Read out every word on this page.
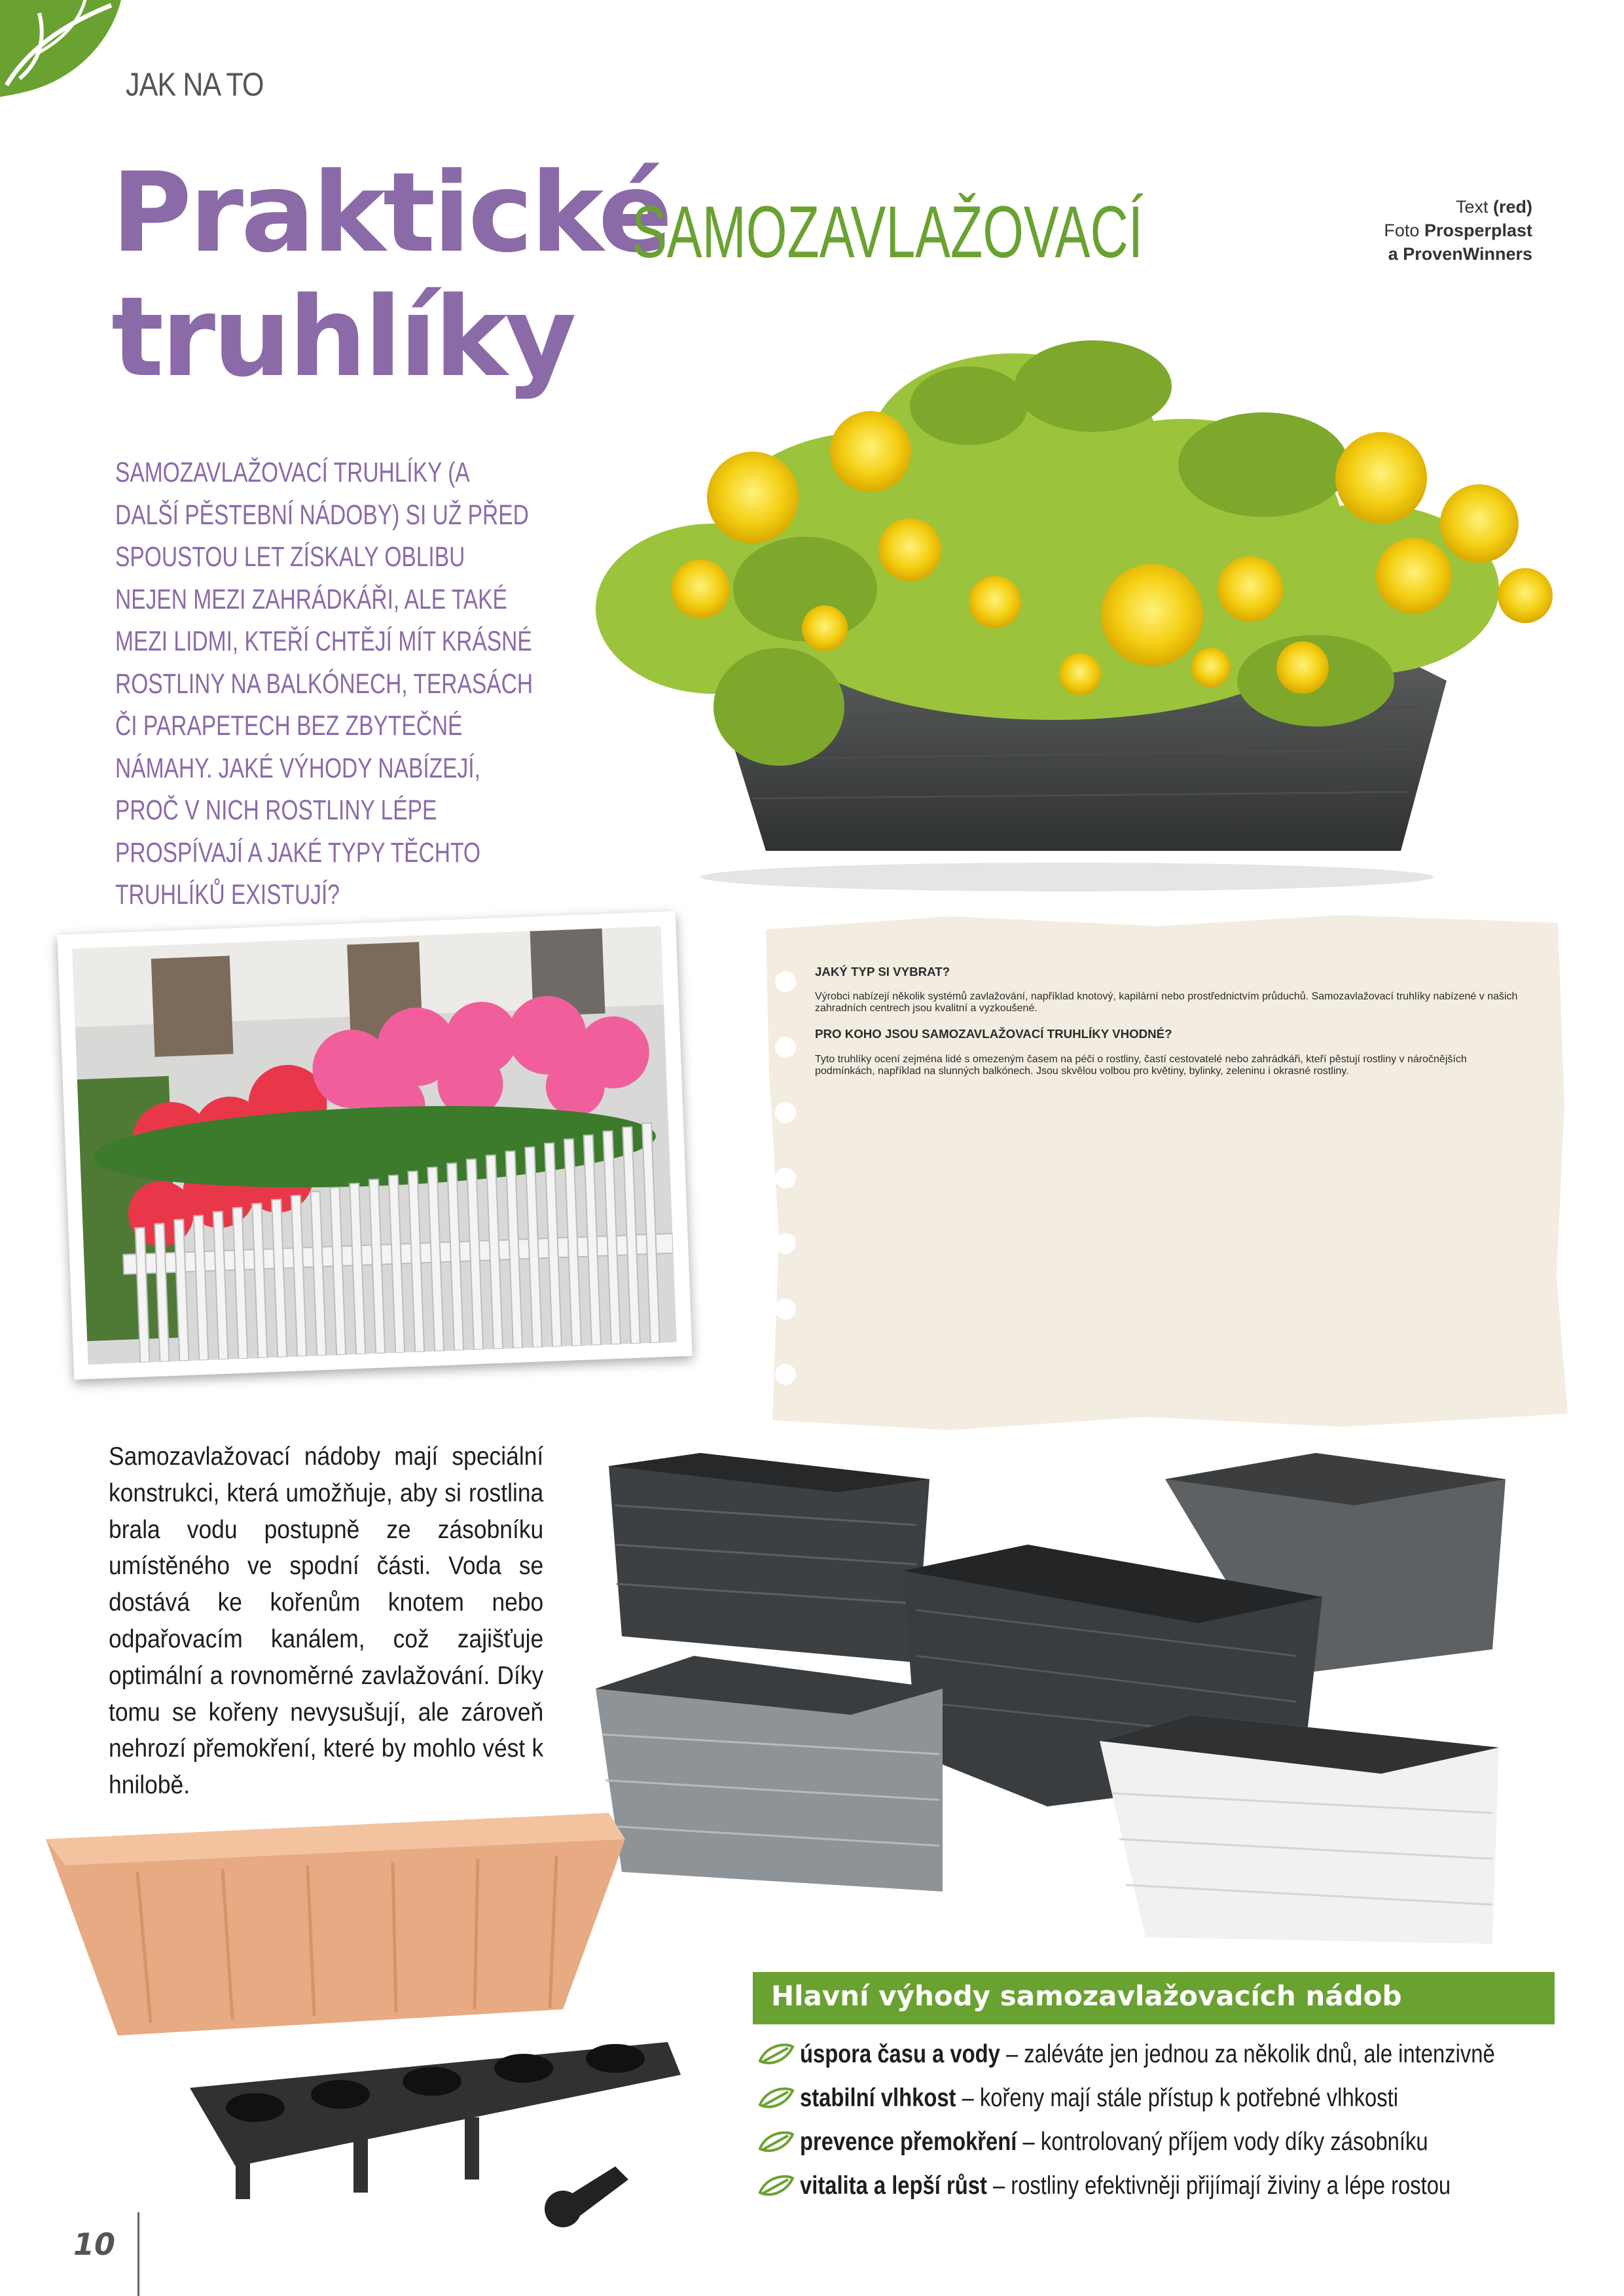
JAK NA TO
Praktické
truhlíky
SAMOZAVLAŽOVACÍ	Text (red)
Foto Prosperplast
a ProvenWinners
SAMOZAVLAŽOVACÍ TRUHLÍKY (A DALŠÍ PĚSTEBNÍ NÁDOBY) SI UŽ PŘED SPOUSTOU LET ZÍSKALY OBLIBU NEJEN MEZI ZAHRÁDKÁŘI, ALE TAKÉ MEZI LIDMI, KTEŘÍ CHTĚJÍ MÍT KRÁSNÉ ROSTLINY NA BALKÓNECH, TERASÁCH ČI PARAPETECH BEZ ZBYTEČNÉ NÁMAHY. JAKÉ VÝHODY NABÍZEJÍ, PROČ V NICH ROSTLINY LÉPE PROSPÍVAJÍ A JAKÉ TYPY TĚCHTO TRUHLÍKŮ EXISTUJÍ?
JAKÝ TYP SI VYBRAT?

Výrobci nabízejí několik systémů zavlažování, například knotový, kapilární nebo prostřednictvím průduchů. Samozavlažovací truhlíky nabízené v našich zahradních centrech jsou kvalitní a vyzkoušené.

PRO KOHO JSOU SAMOZAVLAŽOVACÍ TRUHLÍKY VHODNÉ?

Tyto truhlíky ocení zejména lidé s omezeným časem na péči o rostliny, častí cestovatelé nebo zahrádkáři, kteří pěstují rostliny v náročnějších podmínkách, například na slunných balkónech. Jsou skvělou volbou pro květiny, bylinky, zeleninu i okrasné rostliny.

Samozavlažovací nádoby mají speciální konstrukci, která umožňuje, aby si rostlina brala vodu postupně ze zásobníku umístěného ve spodní části. Voda se dostává ke kořenům knotem nebo odpařovacím kanálem, což zajišťuje optimální a rovnoměrné zavlažování. Díky tomu se kořeny nevysušují, ale zároveň nehrozí přemokření, které by mohlo vést k hnilobě.
Hlavní výhody samozavlažovacích nádob
úspora času a vody – zaléváte jen jednou za několik dnů, ale intenzivně
stabilní vlhkost – kořeny mají stále přístup k potřebné vlhkosti
prevence přemokření – kontrolovaný příjem vody díky zásobníku
vitalita a lepší růst – rostliny efektivněji přijímají živiny a lépe rostou
10
